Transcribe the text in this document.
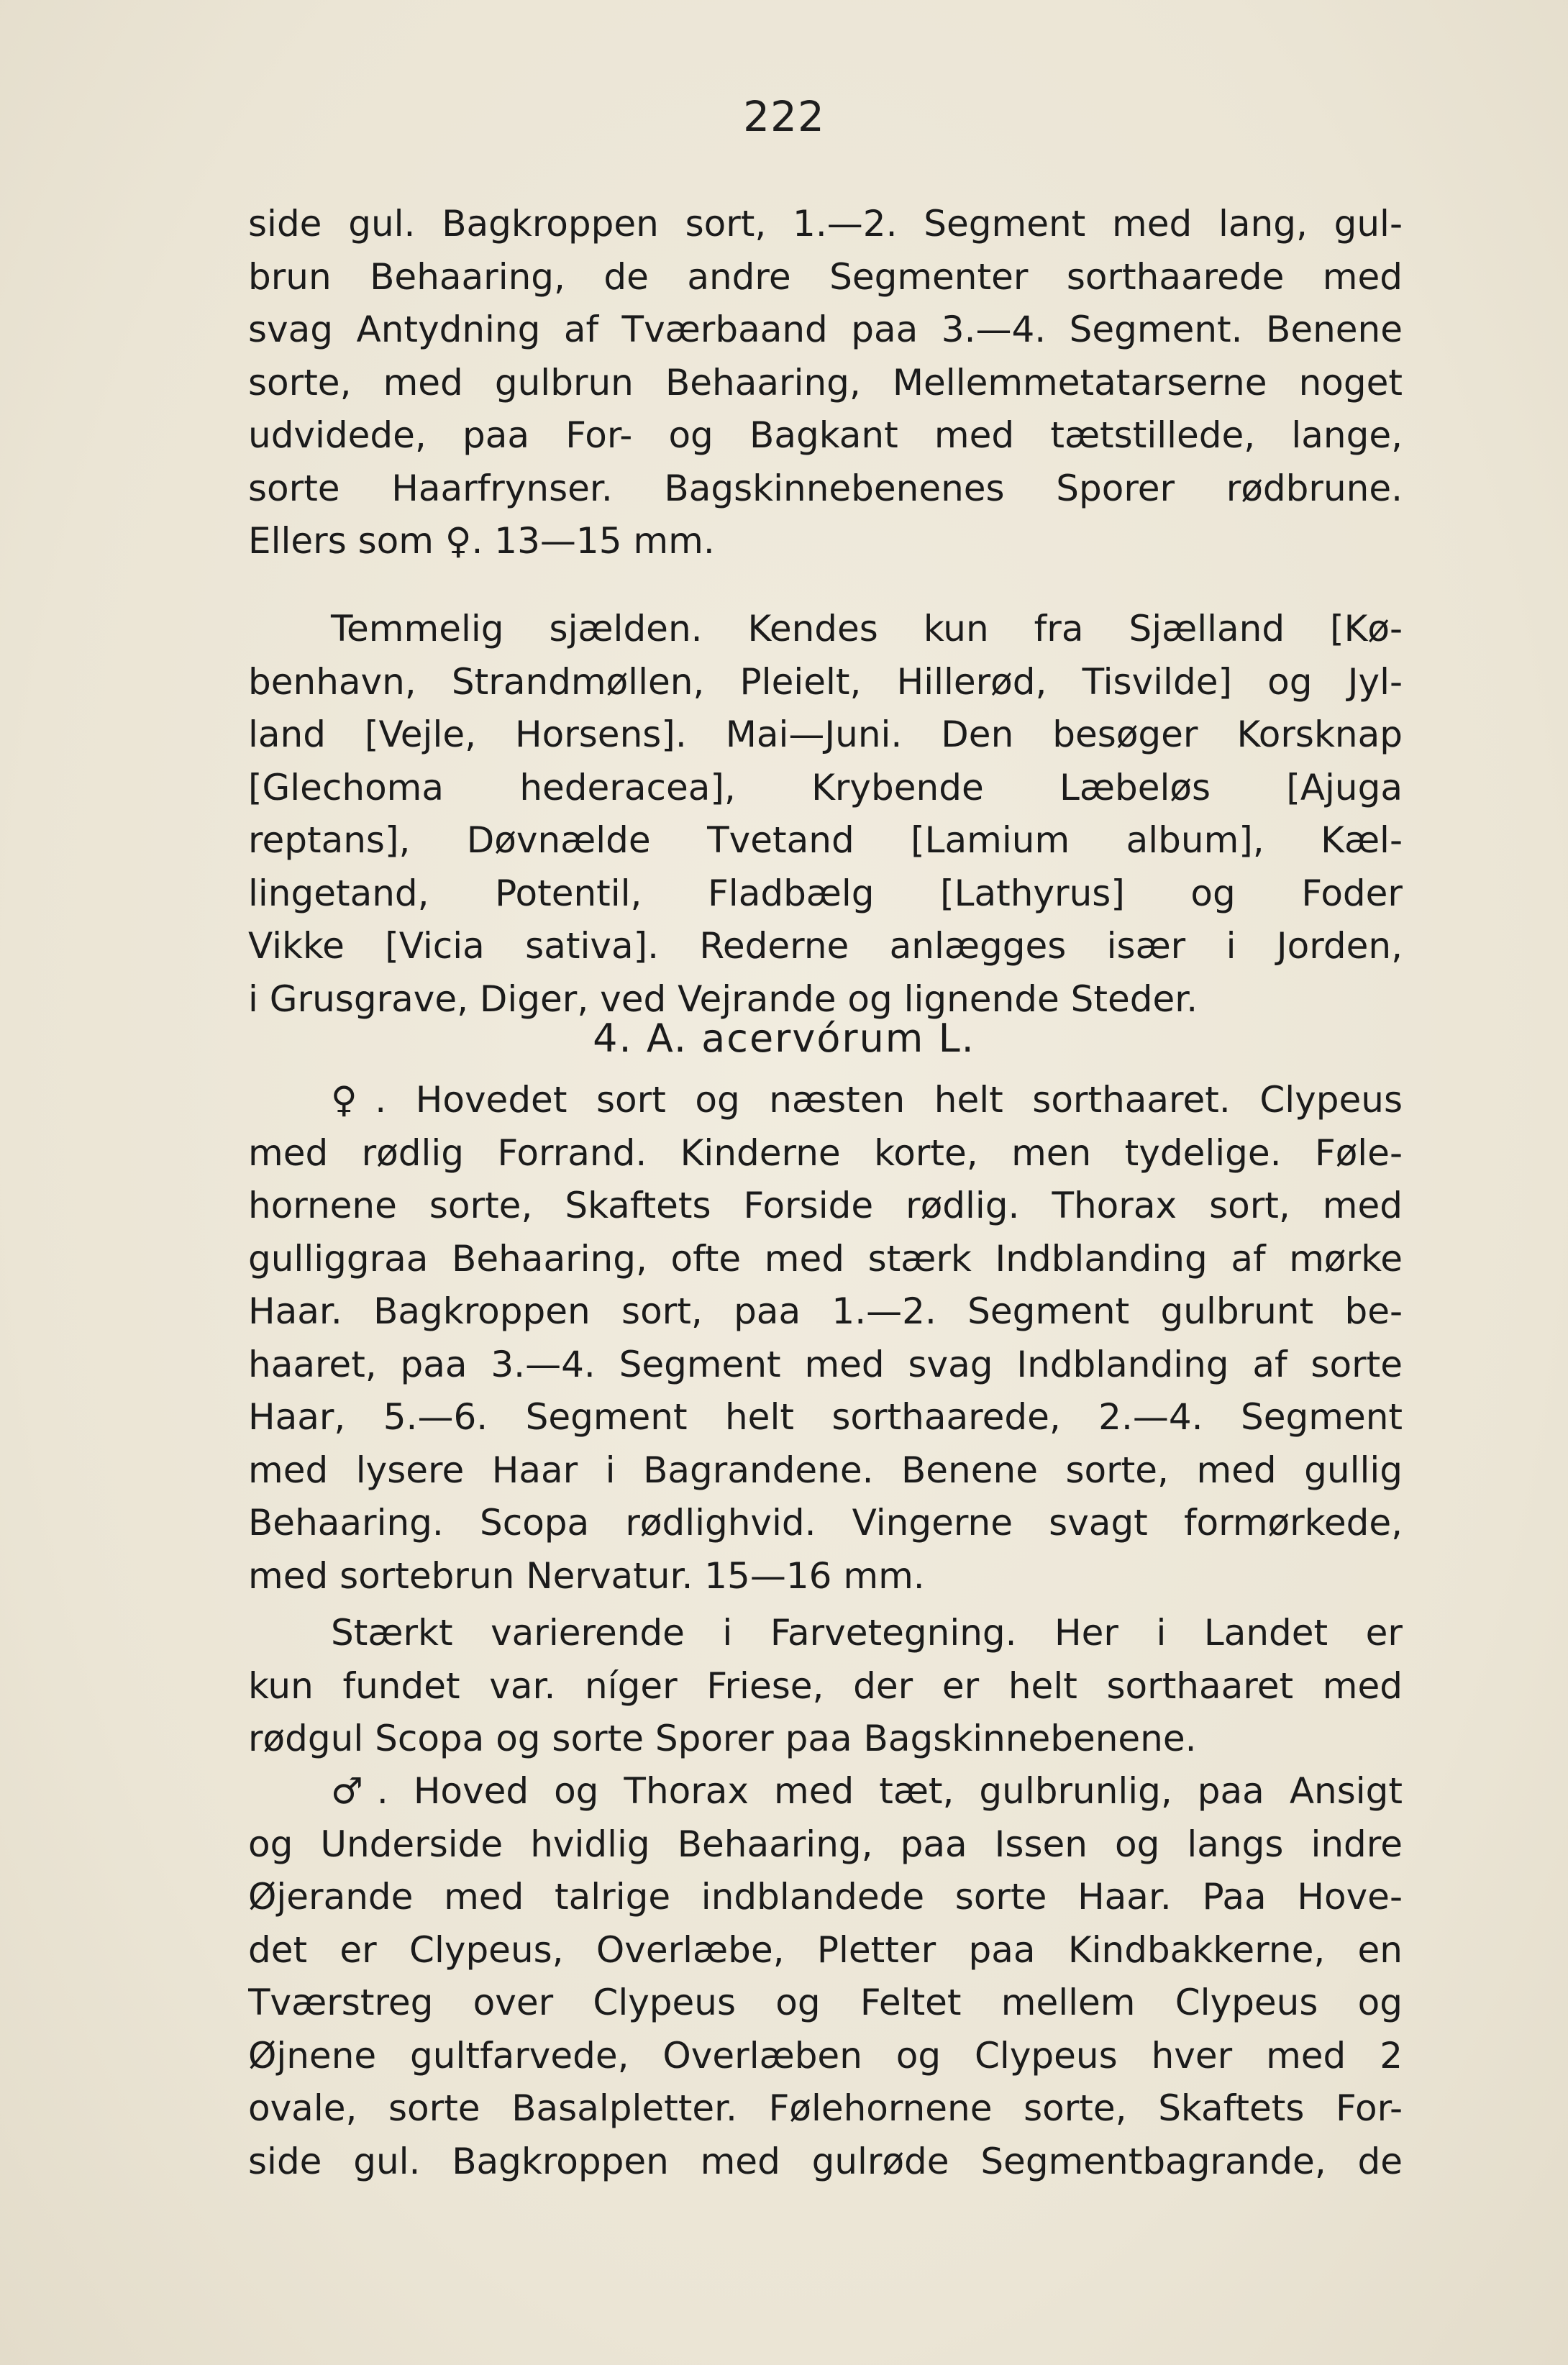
222
side gul. Bagkroppen sort, 1.—2. Segment med lang, gul-
brun Behaaring, de andre Segmenter sorthaarede med
svag Antydning af Tværbaand paa 3.—4. Segment. Benene
sorte, med gulbrun Behaaring, Mellemmetatarserne noget
udvidede, paa For- og Bagkant med tætstillede, lange,
sorte Haarfrynser. Bagskinnebenenes Sporer rødbrune.
Ellers som ♀. 13—15 mm.
Temmelig sjælden. Kendes kun fra Sjælland [Kø-
benhavn, Strandmøllen, Pleielt, Hillerød, Tisvilde] og Jyl-
land [Vejle, Horsens]. Mai—Juni. Den besøger Korsknap
[Glechoma hederacea], Krybende Læbeløs [Ajuga
reptans], Døvnælde Tvetand [Lamium album], Kæl-
lingetand, Potentil, Fladbælg [Lathyrus] og Foder
Vikke [Vicia sativa]. Rederne anlægges især i Jorden,
i Grusgrave, Diger, ved Vejrande og lignende Steder.
4. A. acervórum L.
♀. Hovedet sort og næsten helt sorthaaret. Clypeus
med rødlig Forrand. Kinderne korte, men tydelige. Føle-
hornene sorte, Skaftets Forside rødlig. Thorax sort, med
gulliggraa Behaaring, ofte med stærk Indblanding af mørke
Haar. Bagkroppen sort, paa 1.—2. Segment gulbrunt be-
haaret, paa 3.—4. Segment med svag Indblanding af sorte
Haar, 5.—6. Segment helt sorthaarede, 2.—4. Segment
med lysere Haar i Bagrandene. Benene sorte, med gullig
Behaaring. Scopa rødlighvid. Vingerne svagt formørkede,
med sortebrun Nervatur. 15—16 mm.
Stærkt varierende i Farvetegning. Her i Landet er
kun fundet var. níger Friese, der er helt sorthaaret med
rødgul Scopa og sorte Sporer paa Bagskinnebenene.
♂. Hoved og Thorax med tæt, gulbrunlig, paa Ansigt
og Underside hvidlig Behaaring, paa Issen og langs indre
Øjerande med talrige indblandede sorte Haar. Paa Hove-
det er Clypeus, Overlæbe, Pletter paa Kindbakkerne, en
Tværstreg over Clypeus og Feltet mellem Clypeus og
Øjnene gultfarvede, Overlæben og Clypeus hver med 2
ovale, sorte Basalpletter. Følehornene sorte, Skaftets For-
side gul. Bagkroppen med gulrøde Segmentbagrande, de
